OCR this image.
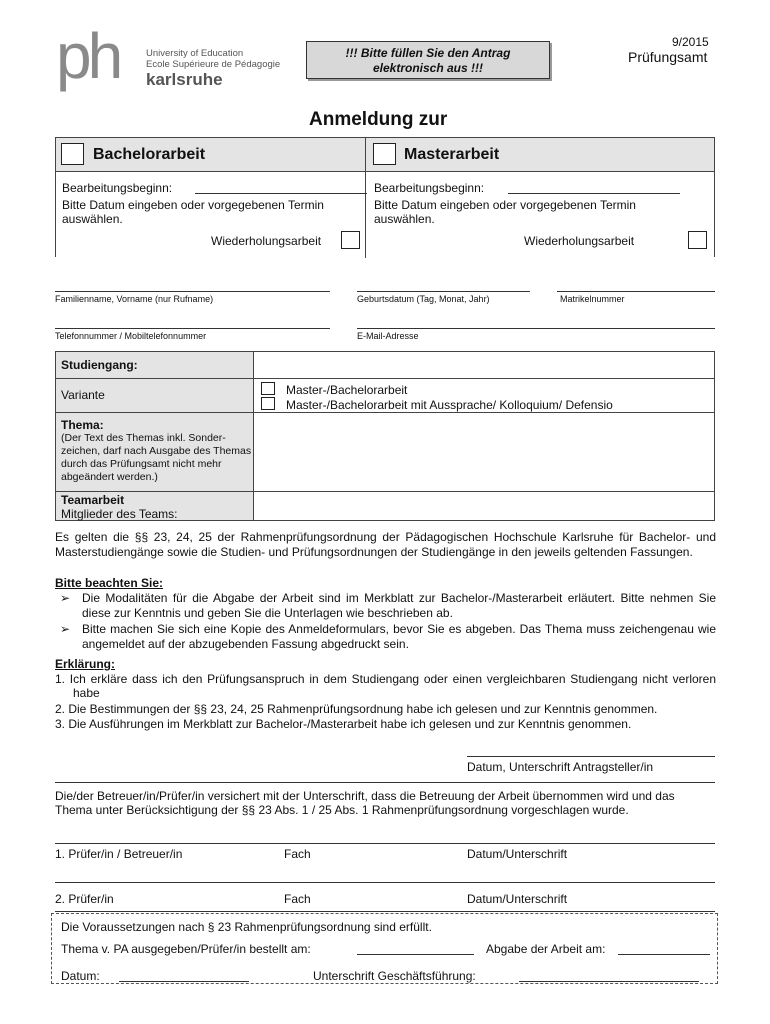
ph	University of Education
Ecole Supérieure de Pédagogie
karlsruhe
!!! Bitte füllen Sie den Antrag
elektronisch aus !!!
9/2015
Prüfungsamt
Anmeldung zur
Bachelorarbeit	Masterarbeit
Bearbeitungsbeginn:
Bitte Datum eingeben oder vorgegebenen Termin auswählen.
Wiederholungsarbeit
Bearbeitungsbeginn:
Bitte Datum eingeben oder vorgegebenen Termin auswählen.
Wiederholungsarbeit
Familienname, Vorname (nur Rufname)	Geburtsdatum (Tag, Monat, Jahr)	Matrikelnummer
Telefonnummer / Mobiltelefonnummer	E-Mail-Adresse
Studiengang:
Variante	Master-/Bachelorarbeit
Master-/Bachelorarbeit mit Aussprache/ Kolloquium/ Defensio
Thema:
(Der Text des Themas inkl. Sonder-zeichen, darf nach Ausgabe des Themas durch das Prüfungsamt nicht mehr abgeändert werden.)
Teamarbeit
Mitglieder des Teams:
Es gelten die §§ 23, 24, 25 der Rahmenprüfungsordnung der Pädagogischen Hochschule Karlsruhe für Bachelor- und Masterstudiengänge sowie die Studien- und Prüfungsordnungen der Studiengänge in den jeweils geltenden Fassungen.
Bitte beachten Sie:
➢ Die Modalitäten für die Abgabe der Arbeit sind im Merkblatt zur Bachelor-/Masterarbeit erläutert. Bitte nehmen Sie diese zur Kenntnis und geben Sie die Unterlagen wie beschrieben ab.
➢ Bitte machen Sie sich eine Kopie des Anmeldeformulars, bevor Sie es abgeben. Das Thema muss zeichengenau wie angemeldet auf der abzugebenden Fassung abgedruckt sein.
Erklärung:
1. Ich erkläre dass ich den Prüfungsanspruch in dem Studiengang oder einen vergleichbaren Studiengang nicht verloren habe
2. Die Bestimmungen der §§ 23, 24, 25 Rahmenprüfungsordnung habe ich gelesen und zur Kenntnis genommen.
3. Die Ausführungen im Merkblatt zur Bachelor-/Masterarbeit habe ich gelesen und zur Kenntnis genommen.
Datum, Unterschrift Antragsteller/in
Die/der Betreuer/in/Prüfer/in versichert mit der Unterschrift, dass die Betreuung der Arbeit übernommen wird und das Thema unter Berücksichtigung der §§ 23 Abs. 1 / 25 Abs. 1 Rahmenprüfungsordnung vorgeschlagen wurde.
1. Prüfer/in / Betreuer/in	Fach	Datum/Unterschrift
2. Prüfer/in	Fach	Datum/Unterschrift
Die Voraussetzungen nach § 23 Rahmenprüfungsordnung sind erfüllt.
Thema v. PA ausgegeben/Prüfer/in bestellt am:	Abgabe der Arbeit am:
Datum:	Unterschrift Geschäftsführung:
